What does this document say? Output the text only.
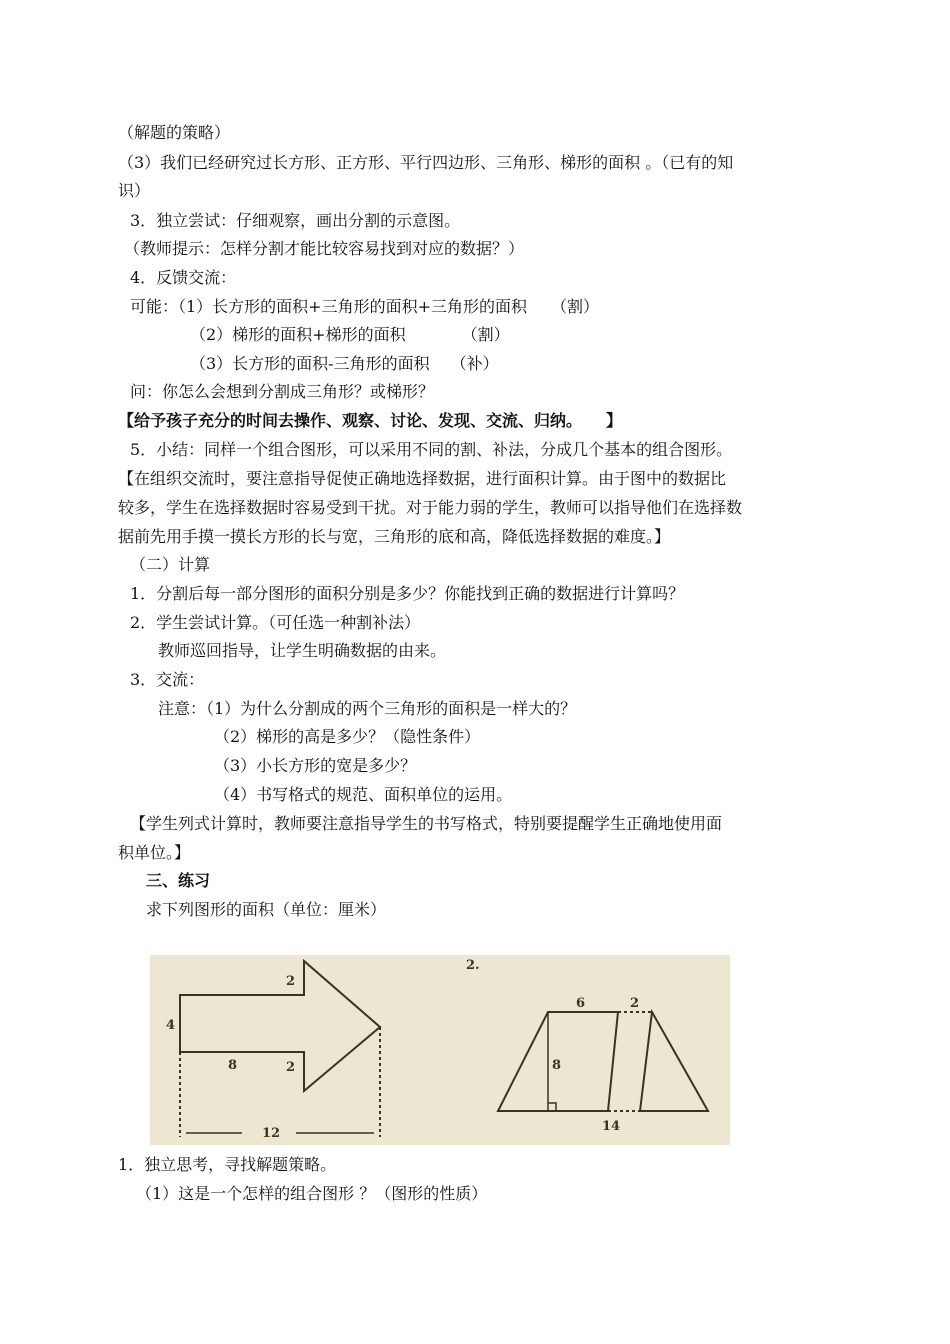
（解题的策略）
（3）我们已经研究过长方形、正方形、平行四边形、三角形、梯形的面积 。（已有的知
识）
3．独立尝试：仔细观察，画出分割的示意图。
（教师提示：怎样分割才能比较容易找到对应的数据？）
4．反馈交流：
可能：（1）长方形的面积+三角形的面积+三角形的面积　　（割）
（2）梯形的面积+梯形的面积　　　　（割）
（3）长方形的面积-三角形的面积　 （补）
问：你怎么会想到分割成三角形？或梯形？
【给予孩子充分的时间去操作、观察、讨论、发现、交流、归纳。　　】
5．小结：同样一个组合图形，可以采用不同的割、补法，分成几个基本的组合图形。
【在组织交流时，要注意指导促使正确地选择数据，进行面积计算。由于图中的数据比
较多，学生在选择数据时容易受到干扰。对于能力弱的学生，教师可以指导他们在选择数
据前先用手摸一摸长方形的长与宽，三角形的底和高，降低选择数据的难度。】
（二）计算
1．分割后每一部分图形的面积分别是多少？你能找到正确的数据进行计算吗？
2．学生尝试计算。（可任选一种割补法）
教师巡回指导，让学生明确数据的由来。
3．交流：
注意：（1）为什么分割成的两个三角形的面积是一样大的？
（2）梯形的高是多少？（隐性条件）
（3）小长方形的宽是多少？
（4）书写格式的规范、面积单位的运用。
【学生列式计算时，教师要注意指导学生的书写格式，特别要提醒学生正确地使用面
积单位。】
三、练习
求下列图形的面积（单位：厘米）
2
4
8	2
12
2.
6	2
8
14
1．独立思考，寻找解题策略。
（1）这是一个怎样的组合图形 ？（图形的性质）
